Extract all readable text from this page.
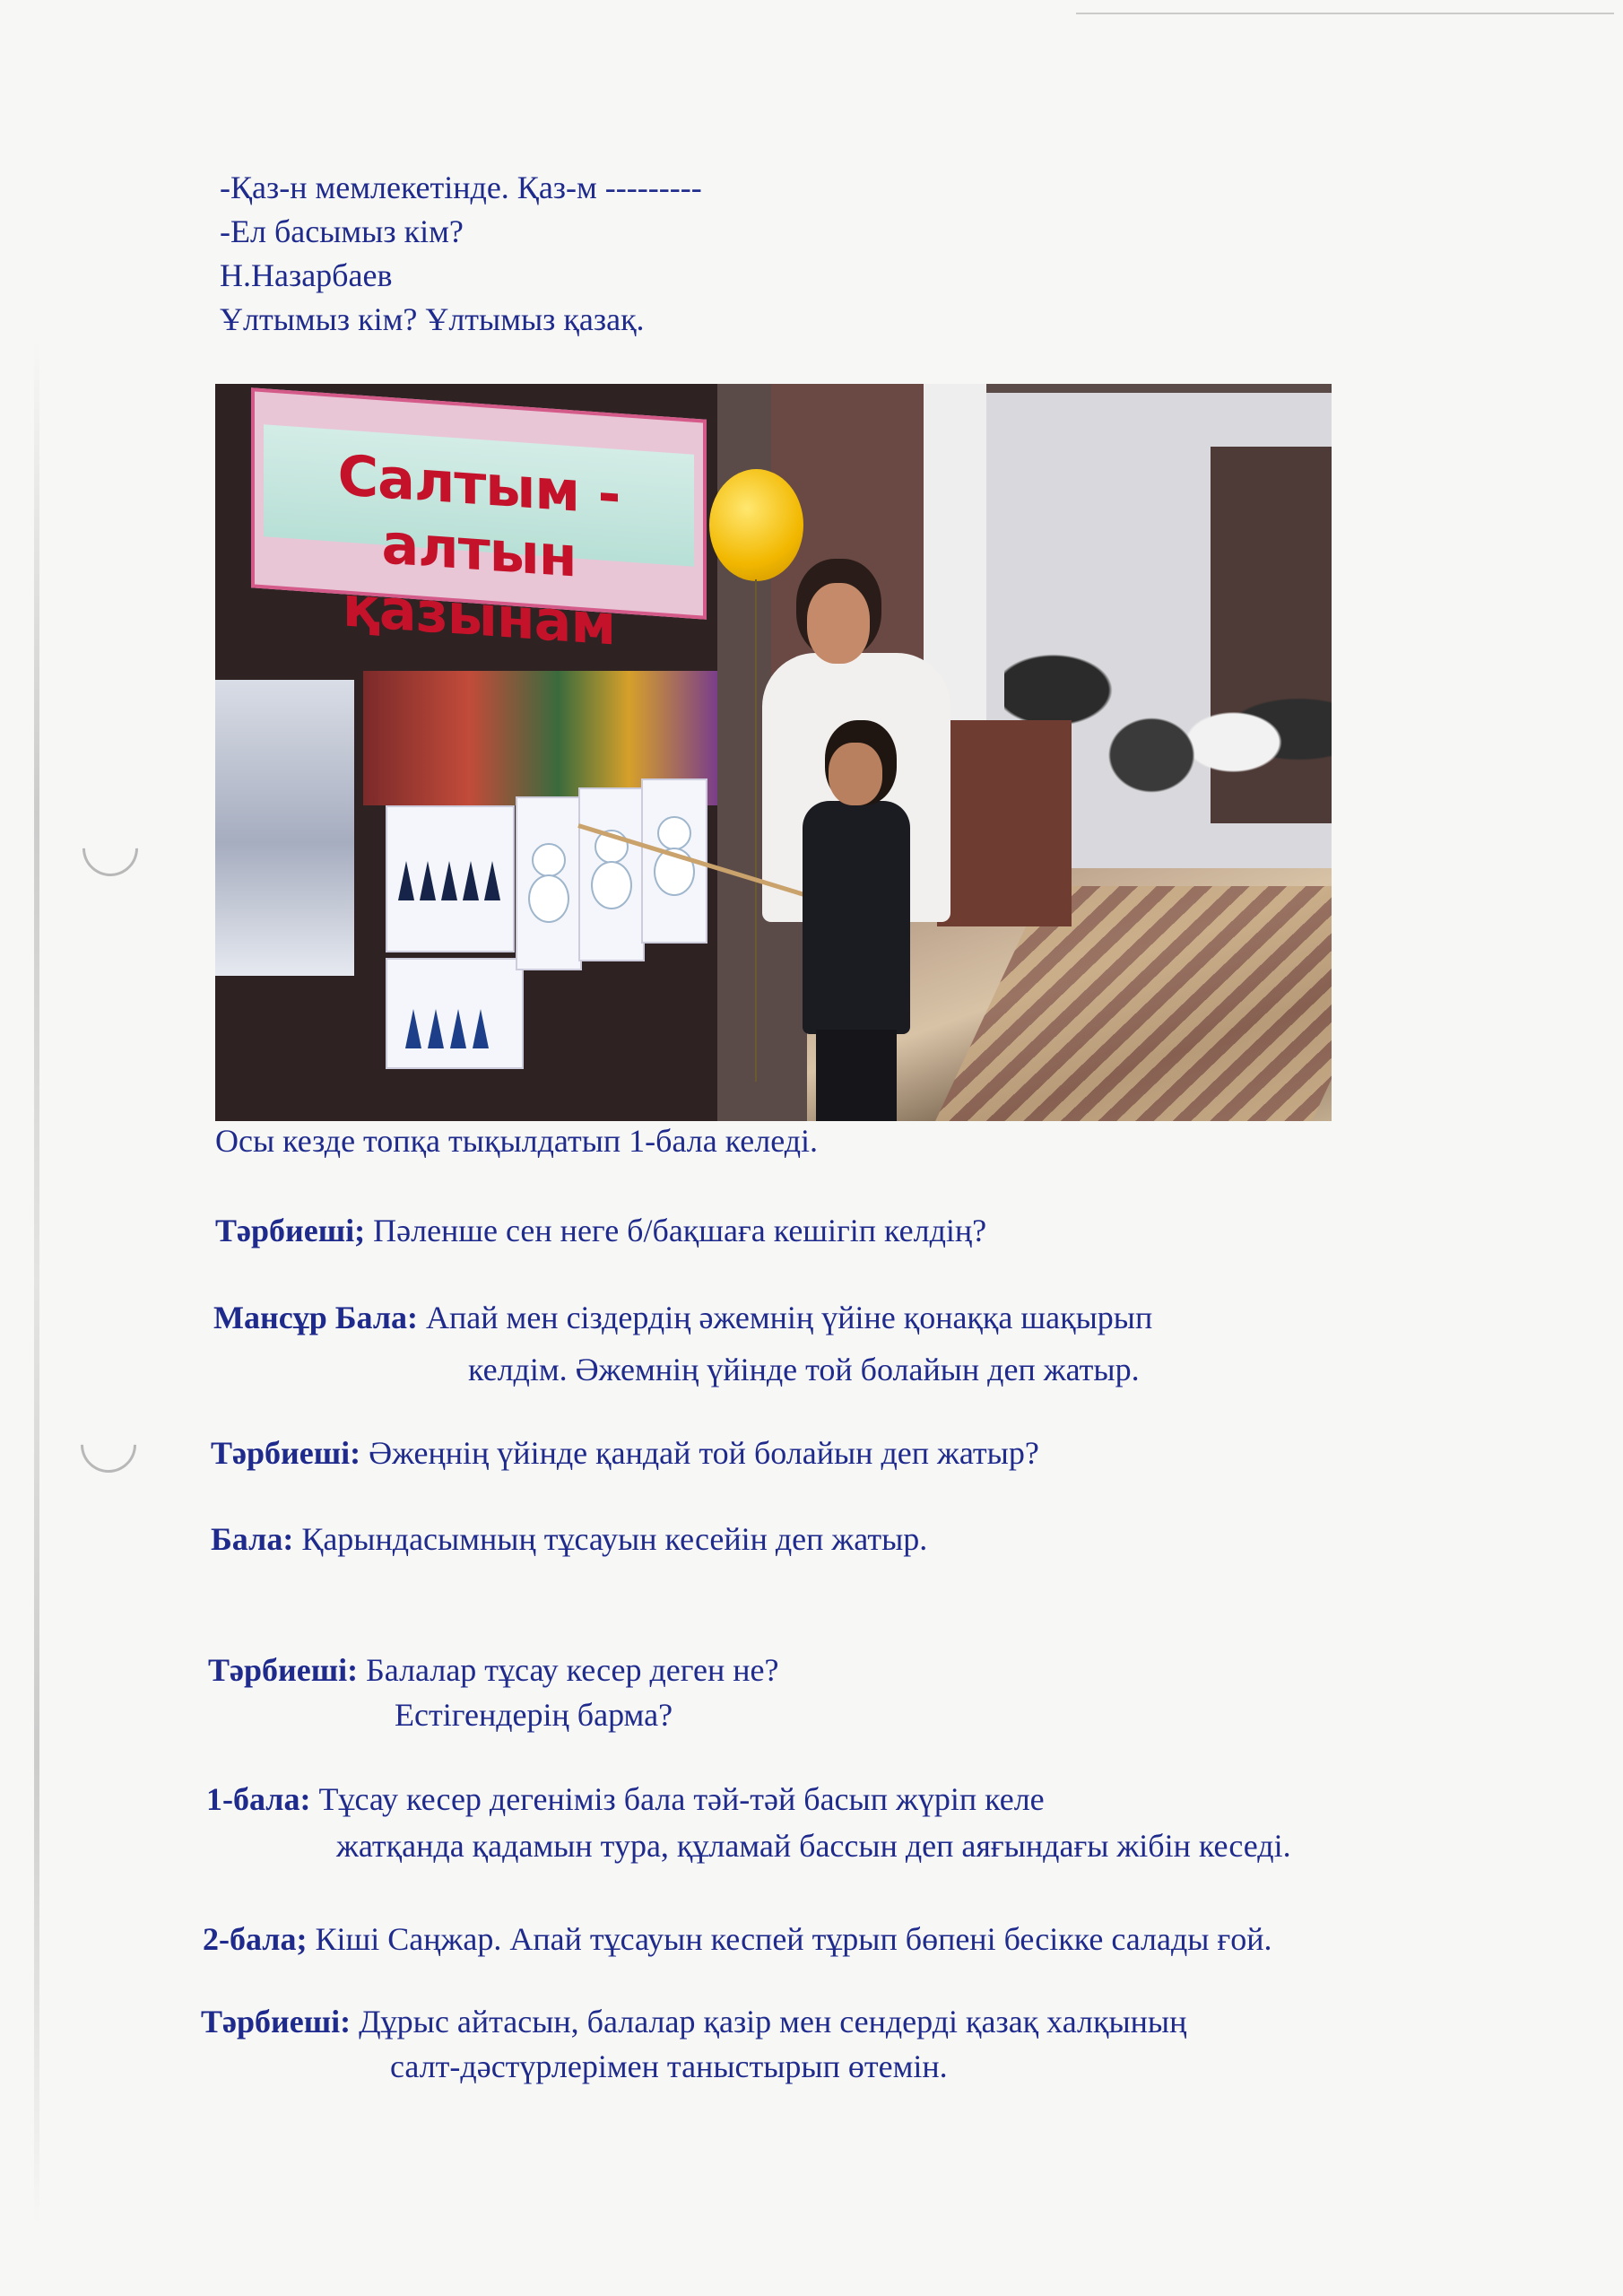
-Қаз-н мемлекетінде. Қаз-м ---------
-Ел басымыз кім?
Н.Назарбаев
Ұлтымыз кім? Ұлтымыз қазақ.
Салтым - алтын қазынам
Осы кезде топқа тықылдатып 1-бала келеді.
Тәрбиеші; Пәленше сен неге б/бақшаға кешігіп келдің?
Мансұр Бала: Апай мен сіздердің әжемнің үйіне қонаққа шақырып
келдім. Әжемнің үйінде той болайын деп жатыр.
Тәрбиеші: Әжеңнің үйінде қандай той болайын деп жатыр?
Бала: Қарындасымның тұсауын кесейін деп жатыр.
Тәрбиеші: Балалар тұсау кесер деген не?
Естігендерің барма?
1-бала: Тұсау кесер дегеніміз бала тәй-тәй басып жүріп келе
жатқанда қадамын тура, құламай бассын деп аяғындағы жібін кеседі.
2-бала; Кіші Саңжар. Апай тұсауын кеспей тұрып бөпені бесікке салады ғой.
Тәрбиеші: Дұрыс айтасын, балалар қазір мен сендерді қазақ халқының
салт-дәстүрлерімен таныстырып өтемін.
